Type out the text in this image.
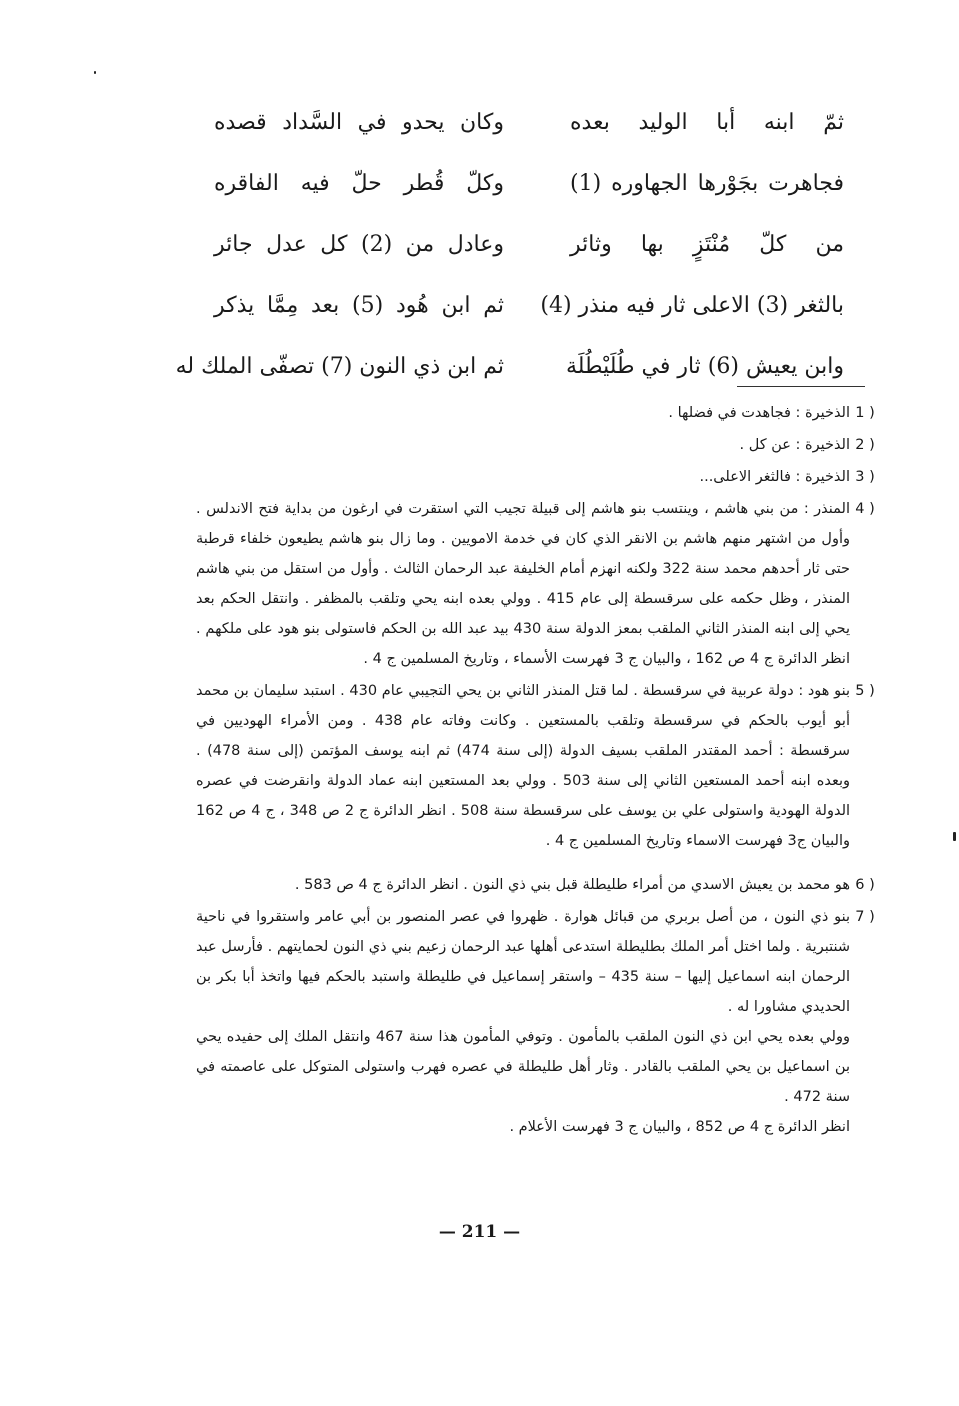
ثمّ ابنه أبا الوليد بعده
وكان يحدو في السَّداد قصده
فجاهرت بجَوْرها الجهاوره (1)
وكلّ قُطر حلّ فيه الفاقره
من كلّ مُنْتَزٍ بها وثائر
وعادل من (2) كل عدل جائر
بالثغر (3) الاعلى ثار فيه منذر (4)
ثم ابن هُود (5) بعد مِمَّا يذكر
وابن يعيش (6) ثار في طُلَيْطُلَة
ثم ابن ذي النون (7) تصفّى الملك له
1 )

الذخيرة : فجاهدت في فضلها .

2 )

الذخيرة : عن كل .

3 )

الذخيرة : فالثغر الاعلى...

4 )

المنذر : من بني هاشم ، وينتسب بنو هاشم إلى قبيلة تجيب التي استقرت في ارغون من بداية فتح الاندلس . وأول من اشتهر منهم هاشم بن الانقر الذي كان في خدمة الامويين . وما زال بنو هاشم يطيعون خلفاء قرطبة حتى ثار أحدهم محمد سنة 322 ولكنه انهزم أمام الخليفة عبد الرحمان الثالث . وأول من استقل من بني هاشم المنذر ، وظل حكمه على سرقسطة إلى عام 415 . وولي بعده ابنه يحي وتلقب بالمظفر . وانتقل الحكم بعد يحي إلى ابنه المنذر الثاني الملقب بمعز الدولة سنة 430 بيد عبد الله بن الحكم فاستولى بنو هود على ملكهم . انظر الدائرة ج 4 ص 162 ، والبيان ج 3 فهرست الأسماء ، وتاريخ المسلمين ج 4 .

5 )

بنو هود : دولة عربية في سرقسطة . لما قتل المنذر الثاني بن يحي التجيبي عام 430 . استبد سليمان بن محمد أبو أيوب بالحكم في سرقسطة وتلقب بالمستعين . وكانت وفاته عام 438 . ومن الأمراء الهوديين في سرقسطة : أحمد المقتدر الملقب بسيف الدولة (إلى سنة 474) ثم ابنه يوسف المؤتمن (إلى سنة 478) . وبعده ابنه أحمد المستعين الثاني إلى سنة 503 . وولي بعد المستعين ابنه عماد الدولة وانقرضت في عصره الدولة الهودية واستولى علي بن يوسف على سرقسطة سنة 508 . انظر الدائرة ج 2 ص 348 ، ج 4 ص 162 والبيان ج3 فهرست الاسماء وتاريخ المسلمين ج 4 .

6 )

هو محمد بن يعيش الاسدي من أمراء طليطلة قبل بني ذي النون . انظر الدائرة ج 4 ص 583 .

7 )

بنو ذي النون ، من أصل بربري من قبائل هوارة . ظهروا في عصر المنصور بن أبي عامر واستقروا في ناحية شنتبرية . ولما اختل أمر الملك بطليطلة استدعى أهلها عبد الرحمان زعيم بني ذي النون لحمايتهم . فأرسل عبد الرحمان ابنه اسماعيل إليها – سنة 435 – واستقر إسماعيل في طليطلة واستبد بالحكم فيها واتخذ أبا بكر بن الحديدي مشاورا له .

وولي بعده يحي ابن ذي النون الملقب بالمأمون . وتوفي المأمون هذا سنة 467 وانتقل الملك إلى حفيده يحي بن اسماعيل بن يحي الملقب بالقادر . وثار أهل طليطلة في عصره فهرب واستولى المتوكل على عاصمته في سنة 472 .

انظر الدائرة ج 4 ص 852 ، والبيان ج 3 فهرست الأعلام .

— 211 —
